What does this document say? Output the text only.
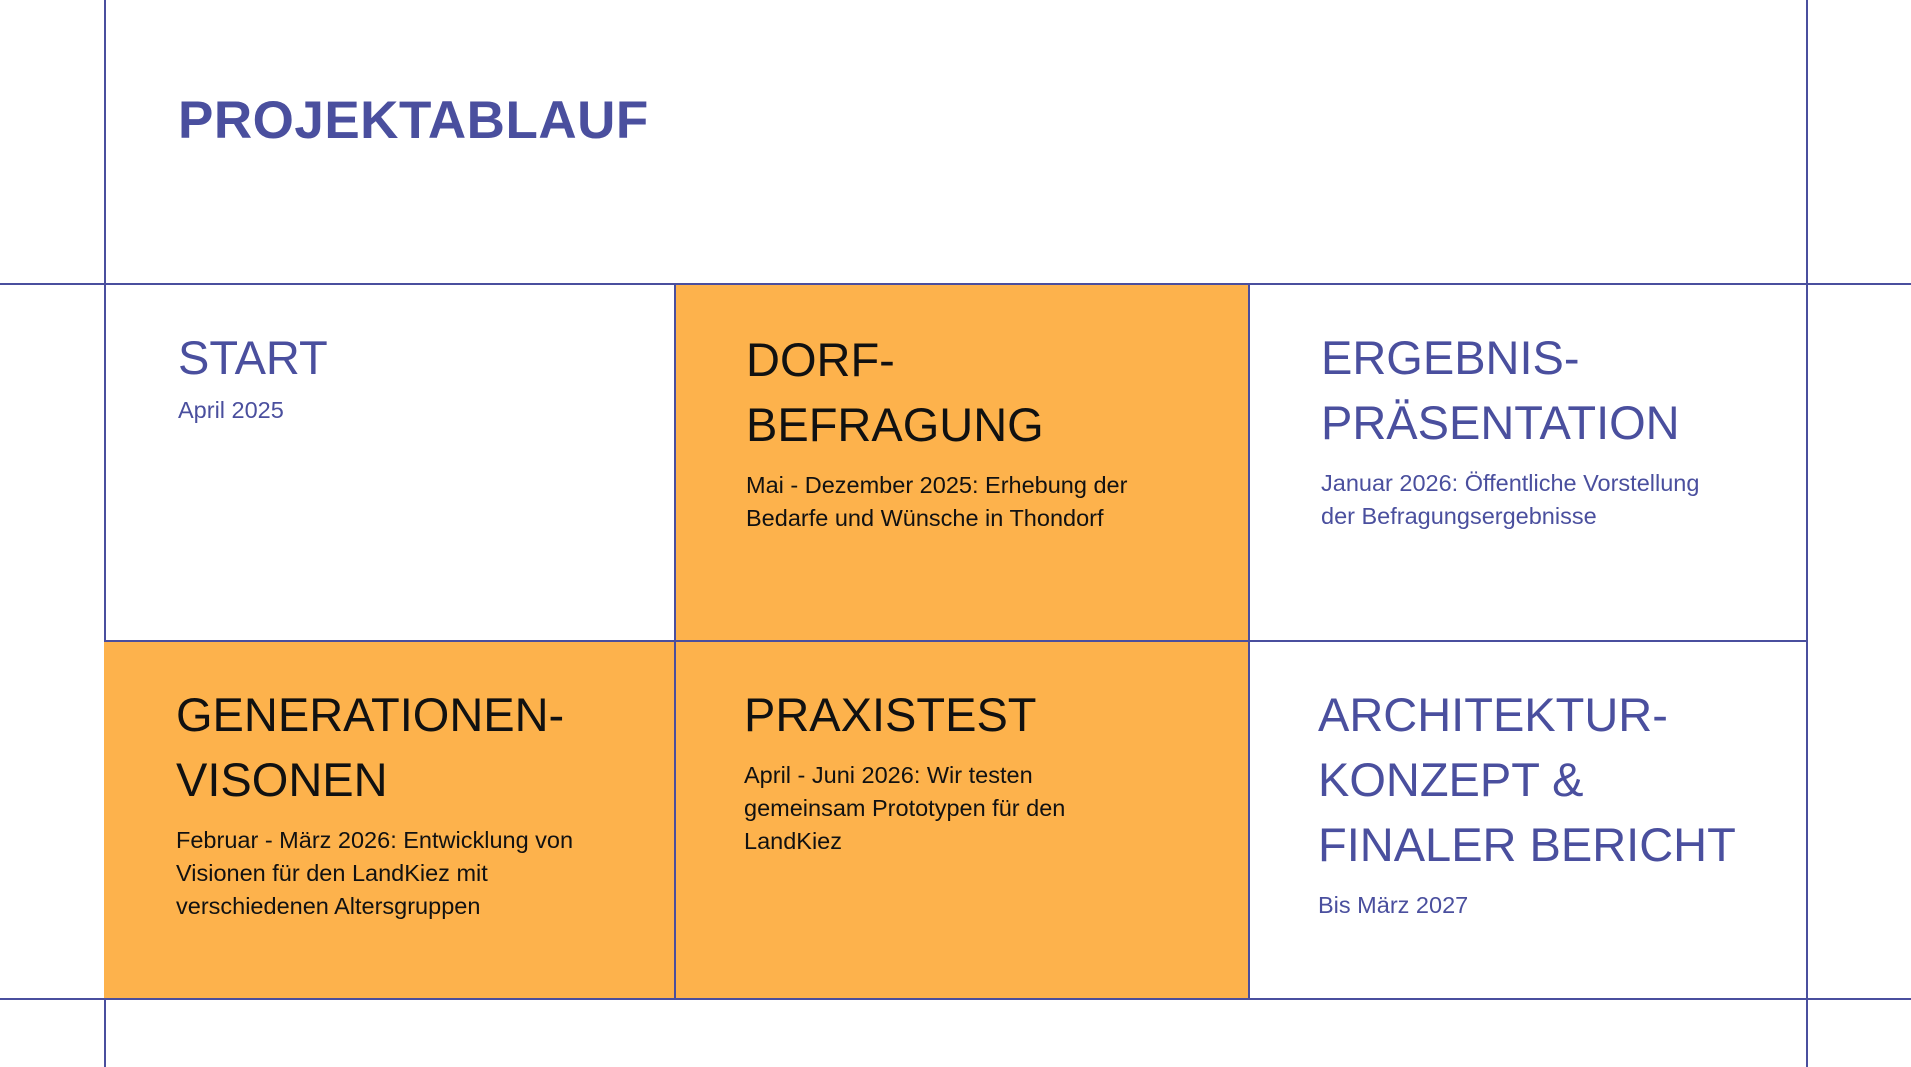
PROJEKTABLAUF
START

April 2025

DORF-
BEFRAGUNG

Mai - Dezember 2025: Erhebung der
Bedarfe und Wünsche in Thondorf

ERGEBNIS-
PRÄSENTATION

Januar 2026: Öffentliche Vorstellung
der Befragungsergebnisse

GENERATIONEN-
VISONEN

Februar - März 2026: Entwicklung von
Visionen für den LandKiez mit
verschiedenen Altersgruppen

PRAXISTEST

April - Juni 2026: Wir testen
gemeinsam Prototypen für den
LandKiez

ARCHITEKTUR-
KONZEPT &
FINALER BERICHT

Bis März 2027
